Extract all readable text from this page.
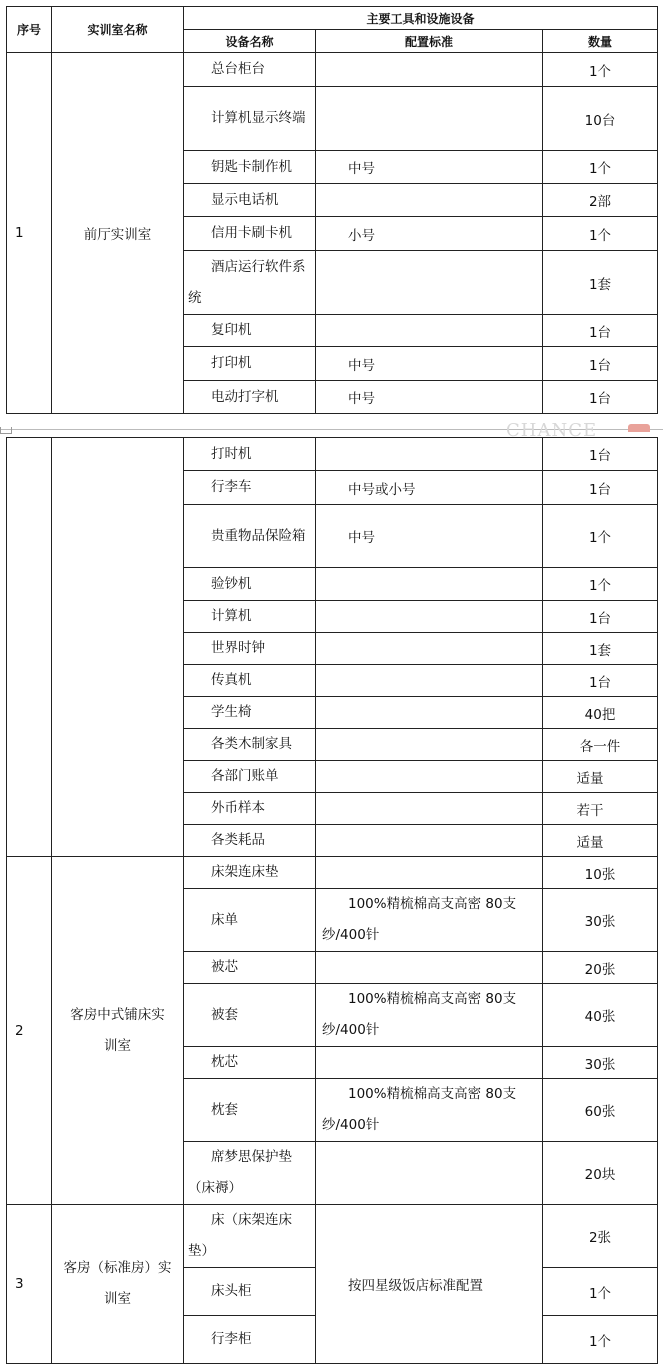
序号	实训室名称	主要工具和设施设备		
		设备名称	配置标准	数量
1	前厅实训室	总台柜台		1个
		计算机显示终端		10台
		钥匙卡制作机	中号	1个
		显示电话机		2部
		信用卡刷卡机	小号	1个
		酒店运行软件系统		1套
		复印机		1台
		打印机	中号	1台
		电动打字机	中号	1台
CHANCE
		打时机		1台
		行李车	中号或小号	1台
		贵重物品保险箱	中号	1个
		验钞机		1个
		计算机		1台
		世界时钟		1套
		传真机		1台
		学生椅		40把
		各类木制家具		各一件
		各部门账单		适量
		外币样本		若干
		各类耗品		适量
2	客房中式铺床实训室	床架连床垫		10张
		床单	100%精梳棉高支高密 80支纱/400针	30张
		被芯		20张
		被套	100%精梳棉高支高密 80支纱/400针	40张
		枕芯		30张
		枕套	100%精梳棉高支高密 80支纱/400针	60张
		席梦思保护垫（床褥）		20块
3	客房（标准房）实训室	床（床架连床垫）	按四星级饭店标准配置	2张
		床头柜		1个
		行李柜		1个
